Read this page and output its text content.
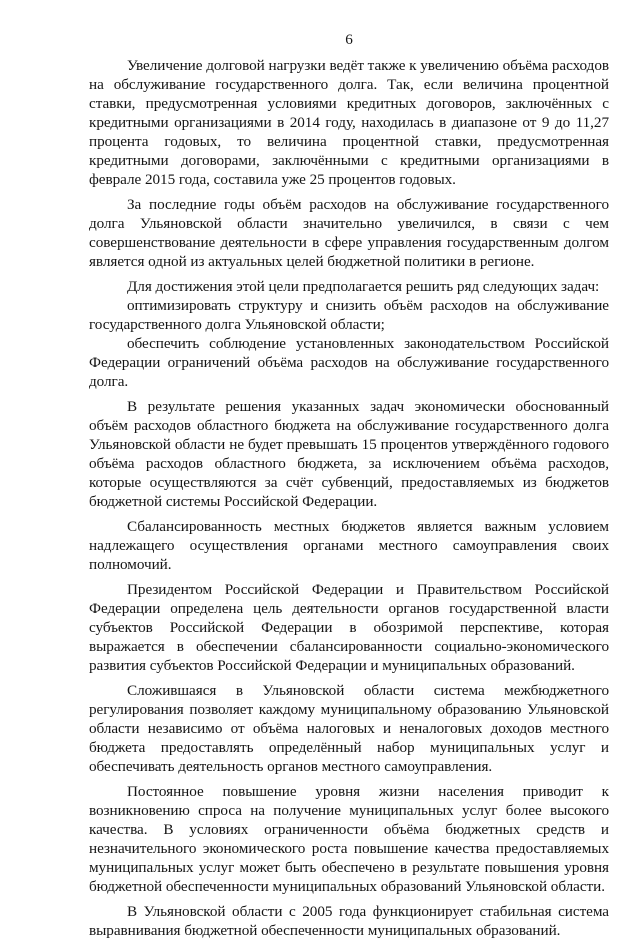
6

Увеличение долговой нагрузки ведёт также к увеличению объёма расходов на обслуживание государственного долга. Так, если величина процентной ставки, предусмотренная условиями кредитных договоров, заключённых с кредитными организациями в 2014 году, находилась в диапазоне от 9 до 11,27 процента годовых, то величина процентной ставки, предусмотренная кредитными договорами, заключёнными с кредитными организациями в феврале 2015 года, составила уже 25 процентов годовых.

За последние годы объём расходов на обслуживание государственного долга Ульяновской области значительно увеличился, в связи с чем совершенствование деятельности в сфере управления государственным долгом является одной из актуальных целей бюджетной политики в регионе.

Для достижения этой цели предполагается решить ряд следующих задач:

оптимизировать структуру и снизить объём расходов на обслуживание государственного долга Ульяновской области;

обеспечить соблюдение установленных законодательством Российской Федерации ограничений объёма расходов на обслуживание государственного долга.

В результате решения указанных задач экономически обоснованный объём расходов областного бюджета на обслуживание государственного долга Ульяновской области не будет превышать 15 процентов утверждённого годового объёма расходов областного бюджета, за исключением объёма расходов, которые осуществляются за счёт субвенций, предоставляемых из бюджетов бюджетной системы Российской Федерации.

Сбалансированность местных бюджетов является важным условием надлежащего осуществления органами местного самоуправления своих полномочий.

Президентом Российской Федерации и Правительством Российской Федерации определена цель деятельности органов государственной власти субъектов Российской Федерации в обозримой перспективе, которая выражается в обеспечении сбалансированности социально-экономического развития субъектов Российской Федерации и муниципальных образований.

Сложившаяся в Ульяновской области система межбюджетного регулирования позволяет каждому муниципальному образованию Ульяновской области независимо от объёма налоговых и неналоговых доходов местного бюджета предоставлять определённый набор муниципальных услуг и обеспечивать деятельность органов местного самоуправления.

Постоянное повышение уровня жизни населения приводит к возникновению спроса на получение муниципальных услуг более высокого качества. В условиях ограниченности объёма бюджетных средств и незначительного экономического роста повышение качества предоставляемых муниципальных услуг может быть обеспечено в результате повышения уровня бюджетной обеспеченности муниципальных образований Ульяновской области.

В Ульяновской области с 2005 года функционирует стабильная система выравнивания бюджетной обеспеченности муниципальных образований.
